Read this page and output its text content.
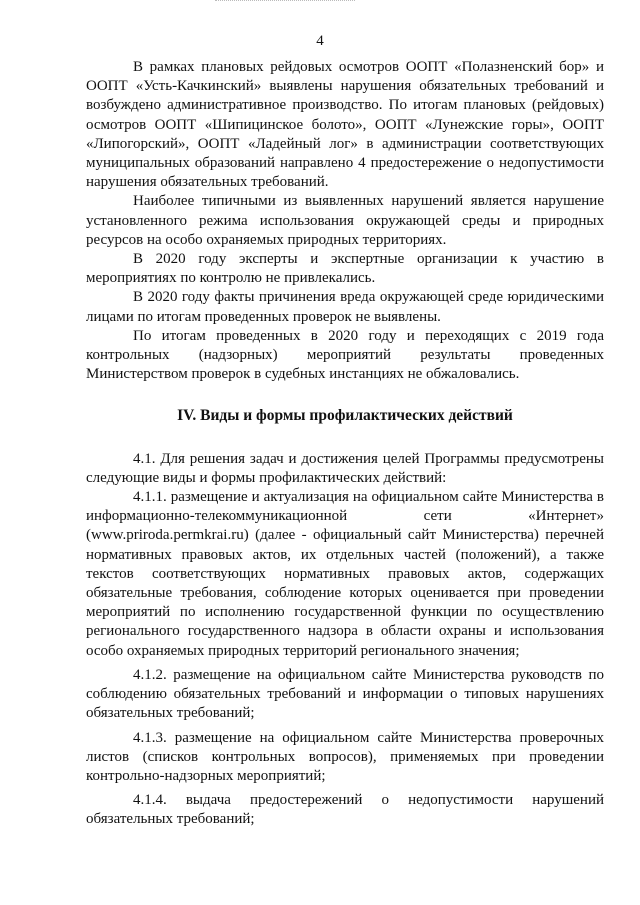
4

В рамках плановых рейдовых осмотров ООПТ «Полазненский бор» и ООПТ «Усть-Качкинский» выявлены нарушения обязательных требований и возбуждено административное производство. По итогам плановых (рейдовых) осмотров ООПТ «Шипицинское болото», ООПТ «Лунежские горы», ООПТ «Липогорский», ООПТ «Ладейный лог» в администрации соответствующих муниципальных образований направлено 4 предостережение о недопустимости нарушения обязательных требований.

Наиболее типичными из выявленных нарушений является нарушение установленного режима использования окружающей среды и природных ресурсов на особо охраняемых природных территориях.

В 2020 году эксперты и экспертные организации к участию в мероприятиях по контролю не привлекались.

В 2020 году факты причинения вреда окружающей среде юридическими лицами по итогам проведенных проверок не выявлены.

По итогам проведенных в 2020 году и переходящих с 2019 года контрольных (надзорных) мероприятий результаты проведенных Министерством проверок в судебных инстанциях не обжаловались.

IV. Виды и формы профилактических действий

4.1. Для решения задач и достижения целей Программы предусмотрены следующие виды и формы профилактических действий:

4.1.1. размещение и актуализация на официальном сайте Министерства в информационно-телекоммуникационной сети «Интернет» (www.priroda.permkrai.ru) (далее - официальный сайт Министерства) перечней нормативных правовых актов, их отдельных частей (положений), а также текстов соответствующих нормативных правовых актов, содержащих обязательные требования, соблюдение которых оценивается при проведении мероприятий по исполнению государственной функции по осуществлению регионального государственного надзора в области охраны и использования особо охраняемых природных территорий регионального значения;

4.1.2. размещение на официальном сайте Министерства руководств по соблюдению обязательных требований и информации о типовых нарушениях обязательных требований;

4.1.3. размещение на официальном сайте Министерства проверочных листов (списков контрольных вопросов), применяемых при проведении контрольно-надзорных мероприятий;

4.1.4. выдача предостережений о недопустимости нарушений обязательных требований;
